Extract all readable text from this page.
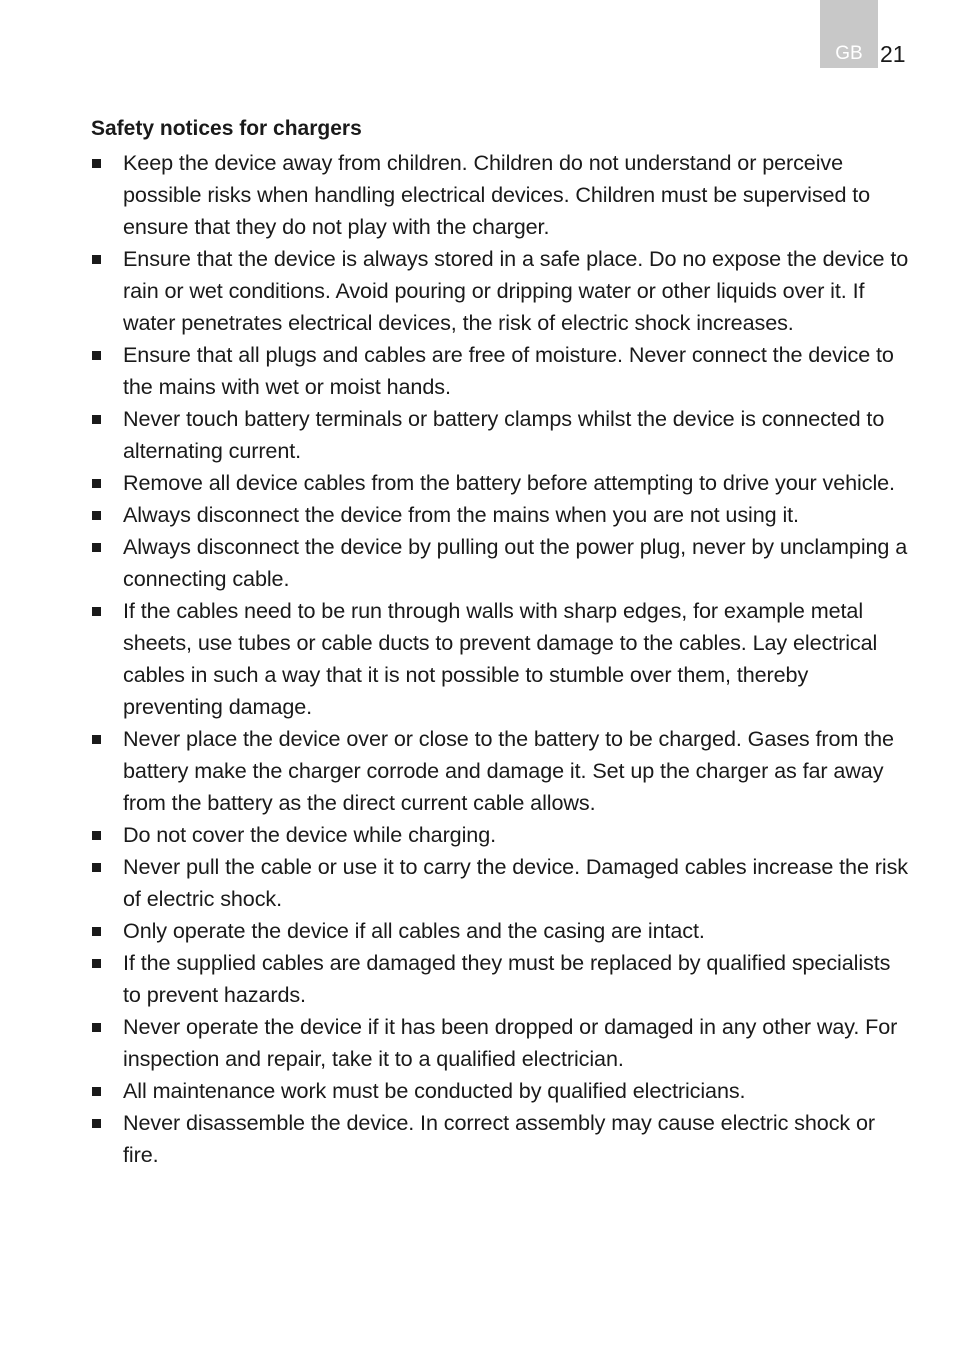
GB 21
Safety notices for chargers
Keep the device away from children. Children do not understand or perceive possible risks when handling electrical devices. Children must be supervised to ensure that they do not play with the charger.
Ensure that the device is always stored in a safe place. Do no expose the device to rain or wet conditions. Avoid pouring or dripping water or other liquids over it. If water penetrates electrical devices, the risk of electric shock increases.
Ensure that all plugs and cables are free of moisture. Never connect the device to the mains with wet or moist hands.
Never touch battery terminals or battery clamps whilst the device is connected to alternating current.
Remove all device cables from the battery before attempting to drive your vehicle.
Always disconnect the device from the mains when you are not using it.
Always disconnect the device by pulling out the power plug, never by unclamping a connecting cable.
If the cables need to be run through walls with sharp edges, for example metal sheets, use tubes or cable ducts to prevent damage to the cables. Lay electrical cables in such a way that it is not possible to stumble over them, thereby preventing damage.
Never place the device over or close to the battery to be charged. Gases from the battery make the charger corrode and damage it. Set up the charger as far away from the battery as the direct current cable allows.
Do not cover the device while charging.
Never pull the cable or use it to carry the device. Damaged cables increase the risk of electric shock.
Only operate the device if all cables and the casing are intact.
If the supplied cables are damaged they must be replaced by qualified specialists to prevent hazards.
Never operate the device if it has been dropped or damaged in any other way. For inspection and repair, take it to a qualified electrician.
All maintenance work must be conducted by qualified electricians.
Never disassemble the device. In correct assembly may cause electric shock or fire.
